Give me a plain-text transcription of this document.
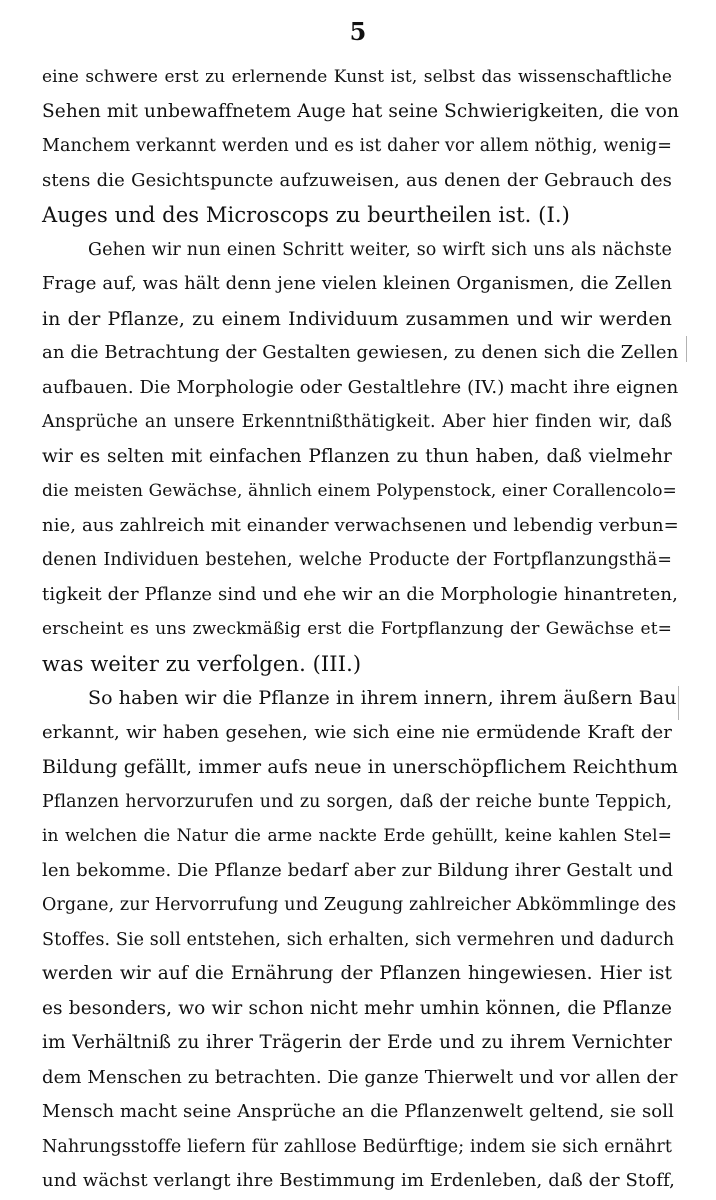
5
eine schwere erst zu erlernende Kunst ist, selbst das wissenschaftliche
Sehen mit unbewaffnetem Auge hat seine Schwierigkeiten, die von
Manchem verkannt werden und es ist daher vor allem nöthig, wenig=
stens die Gesichtspuncte aufzuweisen, aus denen der Gebrauch des
Auges und des Microscops zu beurtheilen ist. (I.)
Gehen wir nun einen Schritt weiter, so wirft sich uns als nächste
Frage auf, was hält denn jene vielen kleinen Organismen, die Zellen
in der Pflanze, zu einem Individuum zusammen und wir werden
an die Betrachtung der Gestalten gewiesen, zu denen sich die Zellen
aufbauen. Die Morphologie oder Gestaltlehre (IV.) macht ihre eignen
Ansprüche an unsere Erkenntnißthätigkeit. Aber hier finden wir, daß
wir es selten mit einfachen Pflanzen zu thun haben, daß vielmehr
die meisten Gewächse, ähnlich einem Polypenstock, einer Corallencolo=
nie, aus zahlreich mit einander verwachsenen und lebendig verbun=
denen Individuen bestehen, welche Producte der Fortpflanzungsthä=
tigkeit der Pflanze sind und ehe wir an die Morphologie hinantreten,
erscheint es uns zweckmäßig erst die Fortpflanzung der Gewächse et=
was weiter zu verfolgen. (III.)
So haben wir die Pflanze in ihrem innern, ihrem äußern Bau
erkannt, wir haben gesehen, wie sich eine nie ermüdende Kraft der
Bildung gefällt, immer aufs neue in unerschöpflichem Reichthum
Pflanzen hervorzurufen und zu sorgen, daß der reiche bunte Teppich,
in welchen die Natur die arme nackte Erde gehüllt, keine kahlen Stel=
len bekomme. Die Pflanze bedarf aber zur Bildung ihrer Gestalt und
Organe, zur Hervorrufung und Zeugung zahlreicher Abkömmlinge des
Stoffes. Sie soll entstehen, sich erhalten, sich vermehren und dadurch
werden wir auf die Ernährung der Pflanzen hingewiesen. Hier ist
es besonders, wo wir schon nicht mehr umhin können, die Pflanze
im Verhältniß zu ihrer Trägerin der Erde und zu ihrem Vernichter
dem Menschen zu betrachten. Die ganze Thierwelt und vor allen der
Mensch macht seine Ansprüche an die Pflanzenwelt geltend, sie soll
Nahrungsstoffe liefern für zahllose Bedürftige; indem sie sich ernährt
und wächst verlangt ihre Bestimmung im Erdenleben, daß der Stoff,
